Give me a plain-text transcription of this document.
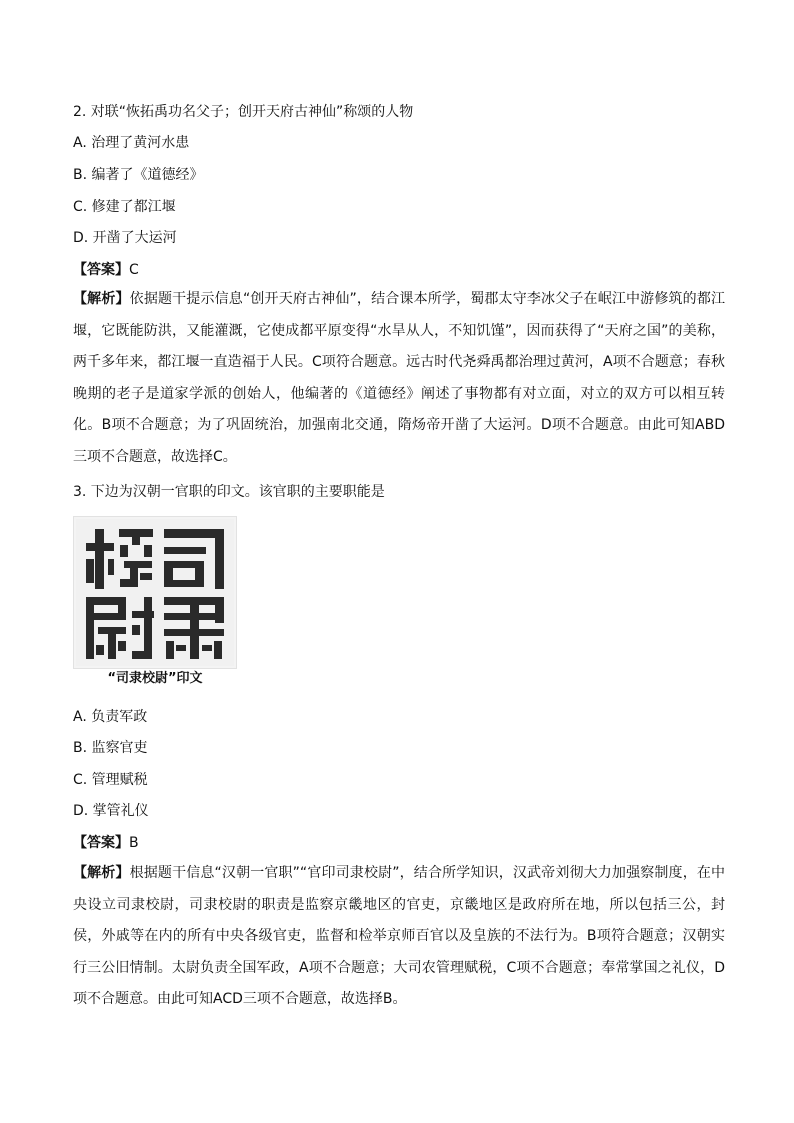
2. 对联“恢拓禹功名父子；创开天府古神仙”称颂的人物
A. 治理了黄河水患
B. 编著了《道德经》
C. 修建了都江堰
D. 开凿了大运河
【答案】C
【解析】依据题干提示信息“创开天府古神仙”，结合课本所学，蜀郡太守李冰父子在岷江中游修筑的都江堰，它既能防洪，又能灌溉，它使成都平原变得“水旱从人，不知饥馑”，因而获得了“天府之国”的美称，两千多年来，都江堰一直造福于人民。C项符合题意。远古时代尧舜禹都治理过黄河，A项不合题意；春秋晚期的老子是道家学派的创始人，他编著的《道德经》阐述了事物都有对立面，对立的双方可以相互转化。B项不合题意；为了巩固统治，加强南北交通，隋炀帝开凿了大运河。D项不合题意。由此可知ABD三项不合题意，故选择C。
3. 下边为汉朝一官职的印文。该官职的主要职能是
“司隶校尉”印文
A. 负责军政
B. 监察官吏
C. 管理赋税
D. 掌管礼仪
【答案】B
【解析】根据题干信息“汉朝一官职”“官印司隶校尉”，结合所学知识，汉武帝刘彻大力加强察制度，在中央设立司隶校尉，司隶校尉的职责是监察京畿地区的官吏，京畿地区是政府所在地，所以包括三公，封侯，外戚等在内的所有中央各级官吏，监督和检举京师百官以及皇族的不法行为。B项符合题意；汉朝实行三公旧情制。太尉负责全国军政，A项不合题意；大司农管理赋税，C项不合题意；奉常掌国之礼仪，D项不合题意。由此可知ACD三项不合题意，故选择B。
